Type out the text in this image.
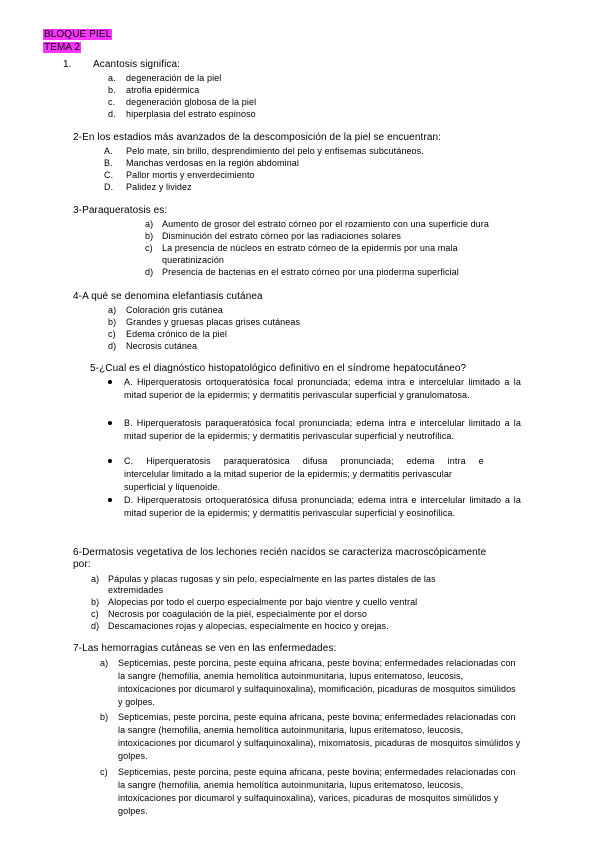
BLOQUE PIEL
TEMA 2
1. Acantosis significa:
a. degeneración de la piel
b. atrofia epidérmica
c. degeneración globosa de la piel
d. hiperplasia del estrato espinoso
2-En los estadios más avanzados de la descomposición de la piel se encuentran:
A. Pelo mate, sin brillo, desprendimiento del pelo y enfisemas subcutáneos.
B. Manchas verdosas en la región abdominal
C. Pallor mortis y enverdecimiento
D. Palidez y lividez
3-Paraqueratosis es:
a) Aumento de grosor del estrato córneo por el rozamiento con una superficie dura
b) Disminución del estrato córneo por las radiaciones solares
c) La presencia de núcleos en estrato córneo de la epidermis por una mala
queratinización
d) Presencia de bacterias en el estrato córneo por una pioderma superficial
4-A qué se denomina elefantiasis cutánea
a) Coloración gris cutánea
b) Grandes y gruesas placas grises cutáneas
c) Edema crónico de la piel
d) Necrosis cutánea
5-¿Cual es el diagnóstico histopatológico definitivo en el síndrome hepatocutáneo?
A. Hiperqueratosis ortoqueratósica focal pronunciada; edema intra e intercelular limitado a la mitad superior de la epidermis; y dermatitis perivascular superficial y granulomatosa.
B. Hiperqueratosis paraqueratósica focal pronunciada; edema intra e intercelular limitado a la mitad superior de la epidermis; y dermatitis perivascular superficial y neutrofílica.
C.     Hiperqueratosis     paraqueratósica     difusa     pronunciada;     edema     intra     e
intercelular limitado a la mitad superior de la epidermis; y dermatitis perivascular
superficial y liquenoide.
D. Hiperqueratosis ortoqueratósica difusa pronunciada; edema intra e intercelular limitado a la mitad superior de la epidermis; y dermatitis perivascular superficial y eosinofílica.
6-Dermatosis vegetativa de los lechones recién nacidos se caracteriza macroscópicamente
por:
a) Pápulas y placas rugosas y sin pelo, especialmente en las partes distales de las
extremidades
b) Alopecias por todo el cuerpo especialmente por bajo vientre y cuello ventral
c) Necrosis por coagulación de la piel, especialmente por el dorso
d) Descamaciones rojas y alopecias, especialmente en hocico y orejas.
7-Las hemorragias cutáneas se ven en las enfermedades:
a) Septicemias, peste porcina, peste equina africana, peste bovina; enfermedades relacionadas con
la sangre (hemofilia, anemia hemolítica autoinmunitaria, lupus eritematoso, leucosis,
intoxicaciones por dicumarol y sulfaquinoxalina), momificación, picaduras de mosquitos simúlidos
y golpes.
b) Septicemias, peste porcina, peste equina africana, peste bovina; enfermedades relacionadas con
la sangre (hemofilia, anemia hemolítica autoinmunitaria, lupus eritematoso, leucosis,
intoxicaciones por dicumarol y sulfaquinoxalina), mixomatosis, picaduras de mosquitos simúlidos y
golpes.
c) Septicemias, peste porcina, peste equina africana, peste bovina; enfermedades relacionadas con
la sangre (hemofilia, anemia hemolítica autoinmunitaria, lupus eritematoso, leucosis,
intoxicaciones por dicumarol y sulfaquinoxalina), varices, picaduras de mosquitos simúlidos y
golpes.
